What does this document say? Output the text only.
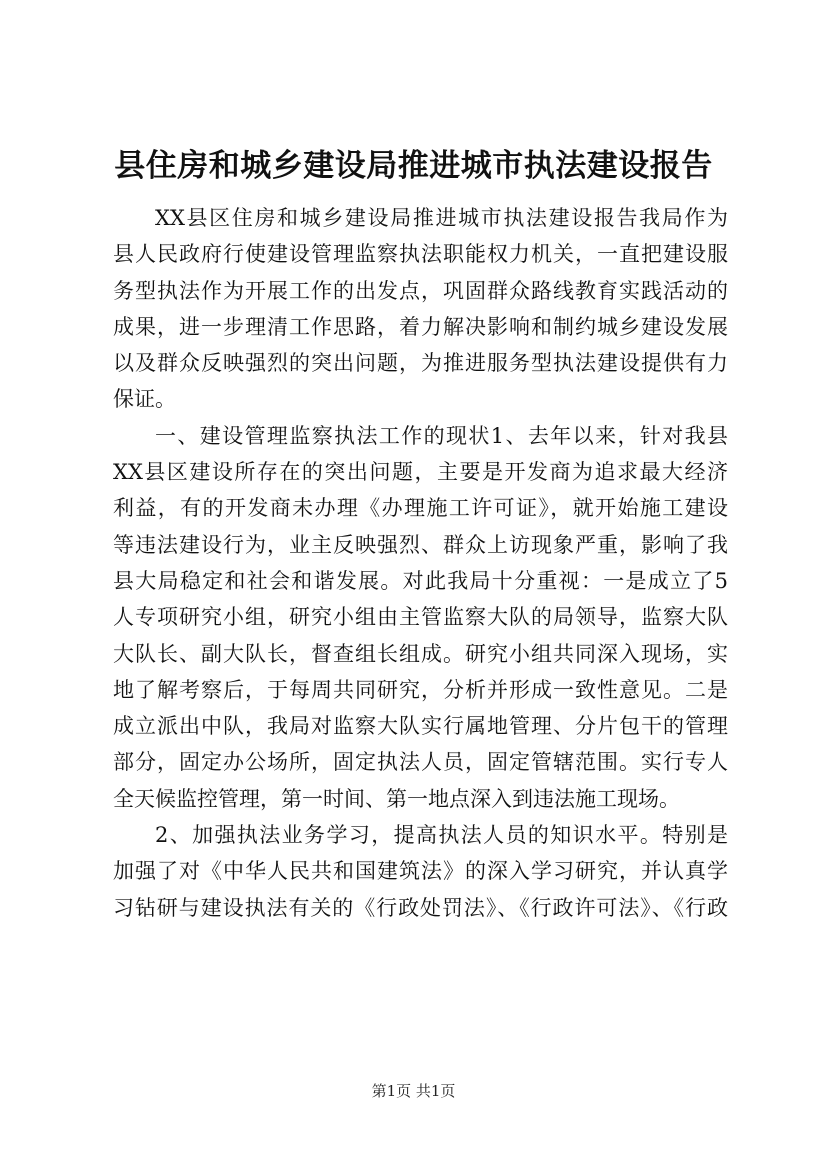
县住房和城乡建设局推进城市执法建设报告
XX县区住房和城乡建设局推进城市执法建设报告我局作为
县人民政府行使建设管理监察执法职能权力机关，一直把建设服
务型执法作为开展工作的出发点，巩固群众路线教育实践活动的
成果，进一步理清工作思路，着力解决影响和制约城乡建设发展
以及群众反映强烈的突出问题，为推进服务型执法建设提供有力
保证。
一、建设管理监察执法工作的现状1、去年以来，针对我县
XX县区建设所存在的突出问题，主要是开发商为追求最大经济
利益，有的开发商未办理《办理施工许可证》，就开始施工建设
等违法建设行为，业主反映强烈、群众上访现象严重，影响了我
县大局稳定和社会和谐发展。对此我局十分重视：一是成立了5
人专项研究小组，研究小组由主管监察大队的局领导，监察大队
大队长、副大队长，督查组长组成。研究小组共同深入现场，实
地了解考察后，于每周共同研究，分析并形成一致性意见。二是
成立派出中队，我局对监察大队实行属地管理、分片包干的管理
部分，固定办公场所，固定执法人员，固定管辖范围。实行专人
全天候监控管理，第一时间、第一地点深入到违法施工现场。
2、加强执法业务学习，提高执法人员的知识水平。特别是
加强了对《中华人民共和国建筑法》的深入学习研究，并认真学
习钻研与建设执法有关的《行政处罚法》、《行政许可法》、《行政
第1页 共1页
